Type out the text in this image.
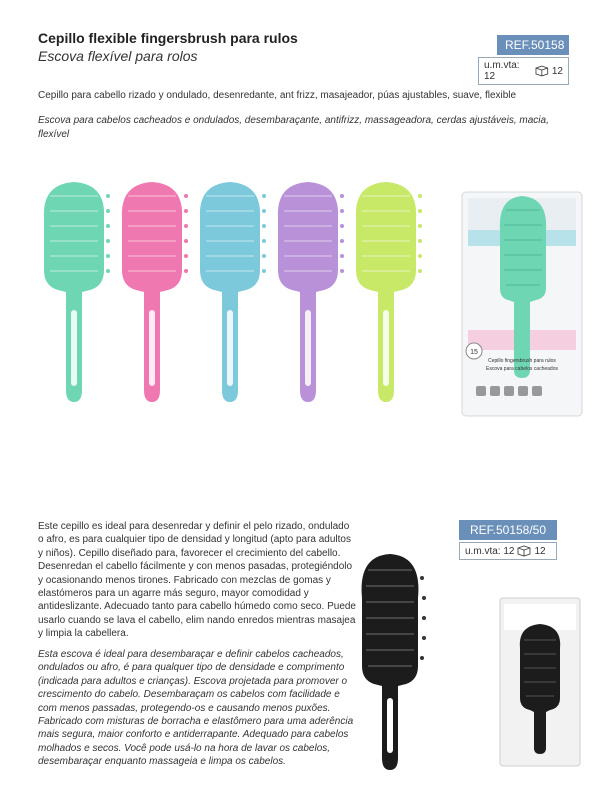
Cepillo flexible fingersbrush para rulos
Escova flexível para rolos
REF.50158
u.m.vta: 12	12
Cepillo para cabello rizado y ondulado, desenredante, ant frizz, masajeador, púas ajustables, suave, flexible
Escova para cabelos cacheados e ondulados, desembaraçante, antifrizz, massageadora, cerdas ajustáveis, macia, flexível
15
Cepillo fingersbrush para rulos
Escova para cabelos cacheados
REF.50158/50
u.m.vta: 12 12
Este cepillo es ideal para desenredar y definir el pelo rizado, ondulado o afro, es para cualquier tipo de densidad y longitud (apto para adultos y niños). Cepillo diseñado para, favorecer el crecimiento del cabello. Desenredan el cabello fácilmente y con menos pasadas, protegiéndolo y ocasionando menos tirones. Fabricado con mezclas de gomas y elastómeros para un agarre más seguro, mayor comodidad y antideslizante. Adecuado tanto para cabello húmedo como seco. Puede usarlo cuando se lava el cabello, elim nando enredos mientras masajea y limpia la cabellera.
Esta escova é ideal para desembaraçar e definir cabelos cacheados, ondulados ou afro, é para qualquer tipo de densidade e comprimento (indicada para adultos e crianças). Escova projetada para promover o crescimento do cabelo. Desembaraçam os cabelos com facilidade e com menos passadas, protegendo-os e causando menos puxões. Fabricado com misturas de borracha e elastômero para uma aderência mais segura, maior conforto e antiderrapante. Adequado para cabelos molhados e secos. Você pode usá-lo na hora de lavar os cabelos, desembaraçar enquanto massageia e limpa os cabelos.
